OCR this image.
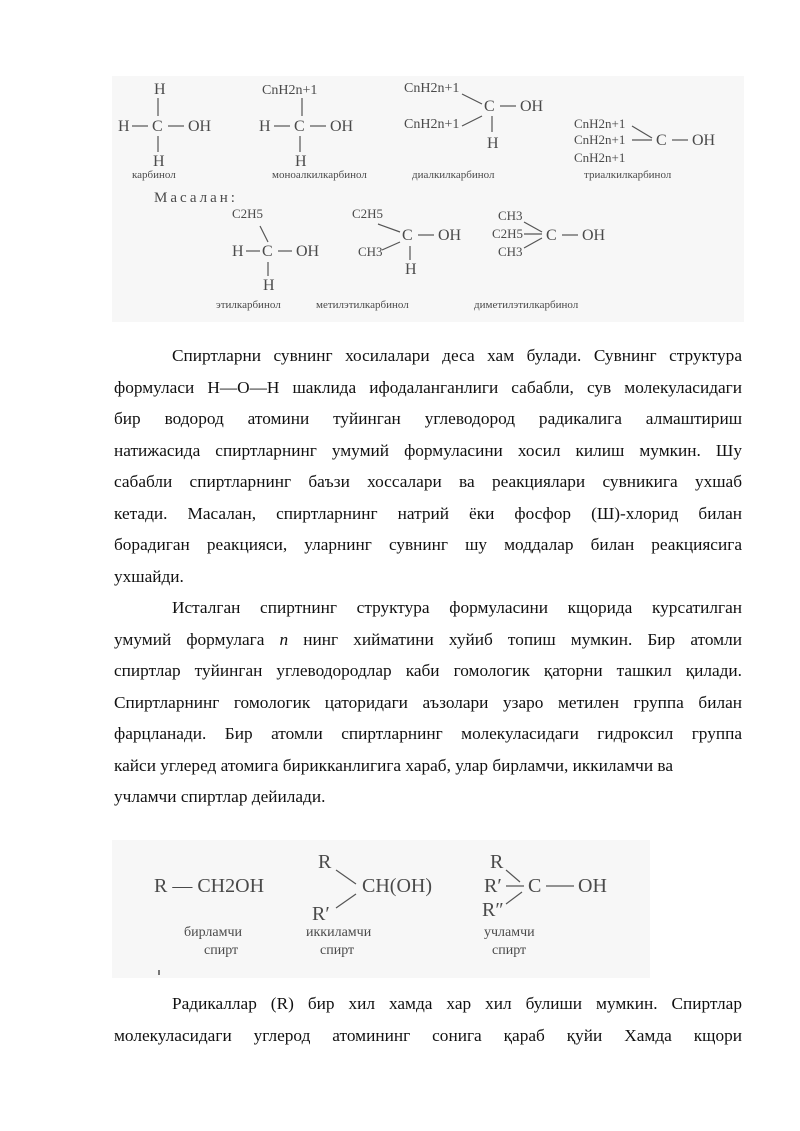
H
H C OH
H
карбинол
CnH2n+1
H C OH
H
моноалкилкарбинол
CnH2n+1
C OH
CnH2n+1
H
диалкилкарбинол
CnH2n+1
CnH2n+1
CnH2n+1
C OH
триалкилкарбинол
Масалан:
C2H5
H C OH
H
этилкарбинол
C2H5
C OH
CH3
H
метилэтилкарбинол
CH3
C2H5
CH3
C OH
диметилэтилкарбинол
Спиртларни сувнинг хосилалари деса хам булади. Сувнинг структура
формуласи Н—О—Н шаклида ифодаланганлиги сабабли, сув молекуласидаги
бир водород атомини туйинган углеводород радикалига алмаштириш
натижасида спиртларнинг умумий формуласини хосил килиш мумкин. Шу
сабабли спиртларнинг баъзи хоссалари ва реакциялари сувникига ухшаб
кетади. Масалан, спиртларнинг натрий ёки фосфор (Ш)-хлорид билан
борадиган реакцияси, уларнинг сувнинг шу моддалар билан реакциясига
ухшайди.
Исталган спиртнинг структура формуласини кщорида курсатилган
умумий формулага n нинг хийматини хуйиб топиш мумкин. Бир атомли
спиртлар туйинган углеводородлар каби гомологик қаторни ташкил қилади.
Спиртларнинг гомологик цаторидаги аъзолари узаро метилен группа билан
фарцланади. Бир атомли спиртларнинг молекуласидаги гидроксил группа
кайси углеред атомига бирикканлигига хараб, улар бирламчи, иккиламчи ва
учламчи спиртлар дейилади.
R — CH2OH
бирламчи
спирт
R
CH(OH)
R′
иккиламчи
спирт
R
R′ C OH
R″
учламчи
спирт
Радикаллар (R) бир хил хамда хар хил булиши мумкин. Спиртлар
молекуласидаги углерод атомининг сонига қараб қуйи Хамда кщори
